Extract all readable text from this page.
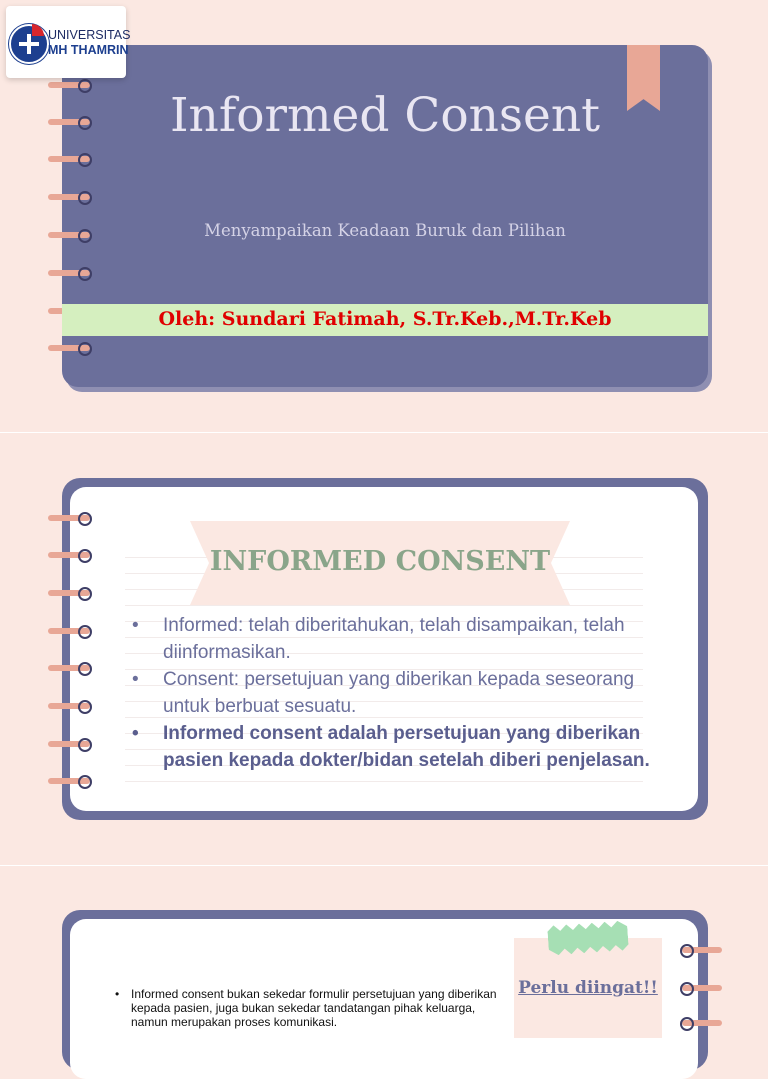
Informed Consent
Menyampaikan Keadaan Buruk dan Pilihan
Oleh: Sundari Fatimah, S.Tr.Keb.,M.Tr.Keb
UNIVERSITAS
MH THAMRIN
INFORMED CONSENT
• Informed: telah diberitahukan, telah disampaikan, telah diinformasikan.
• Consent: persetujuan yang diberikan kepada seseorang untuk berbuat sesuatu.
• Informed consent adalah persetujuan yang diberikan pasien kepada dokter/bidan setelah diberi penjelasan.
Perlu diingat!!
• Informed consent bukan sekedar formulir persetujuan yang diberikan kepada pasien, juga bukan sekedar tandatangan pihak keluarga, namun merupakan proses komunikasi.
